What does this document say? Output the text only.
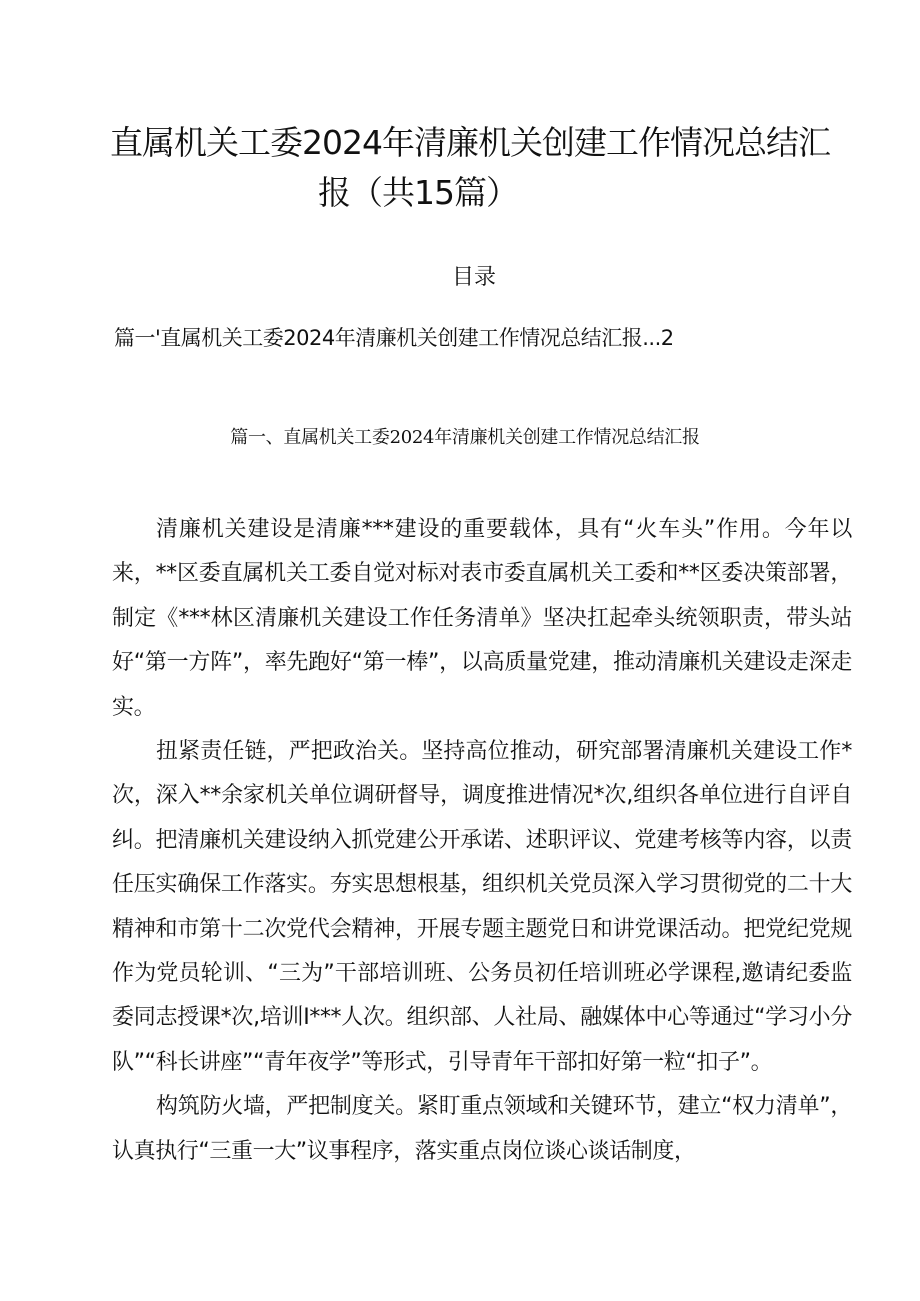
直属机关工委2024年清廉机关创建工作情况总结汇
报（共15篇）
目录
篇一'直属机关工委2024年清廉机关创建工作情况总结汇报...2
篇一、直属机关工委2024年清廉机关创建工作情况总结汇报

清廉机关建设是清廉***建设的重要载体，具有“火车头”作用。今年以来，**区委直属机关工委自觉对标对表市委直属机关工委和**区委决策部署，制定《***林区清廉机关建设工作任务清单》坚决扛起牵头统领职责，带头站好“第一方阵”，率先跑好“第一棒”，以高质量党建，推动清廉机关建设走深走实。

扭紧责任链，严把政治关。坚持高位推动，研究部署清廉机关建设工作*次，深入**余家机关单位调研督导，调度推进情况*次,组织各单位进行自评自纠。把清廉机关建设纳入抓党建公开承诺、述职评议、党建考核等内容，以责任压实确保工作落实。夯实思想根基，组织机关党员深入学习贯彻党的二十大精神和市第十二次党代会精神，开展专题主题党日和讲党课活动。把党纪党规作为党员轮训、“三为”干部培训班、公务员初任培训班必学课程,邀请纪委监委同志授课*次,培训I***人次。组织部、人社局、融媒体中心等通过“学习小分队”“科长讲座”“青年夜学”等形式，引导青年干部扣好第一粒“扣子”。

构筑防火墙，严把制度关。紧盯重点领域和关键环节，建立“权力清单”，认真执行“三重一大”议事程序，落实重点岗位谈心谈话制度，
